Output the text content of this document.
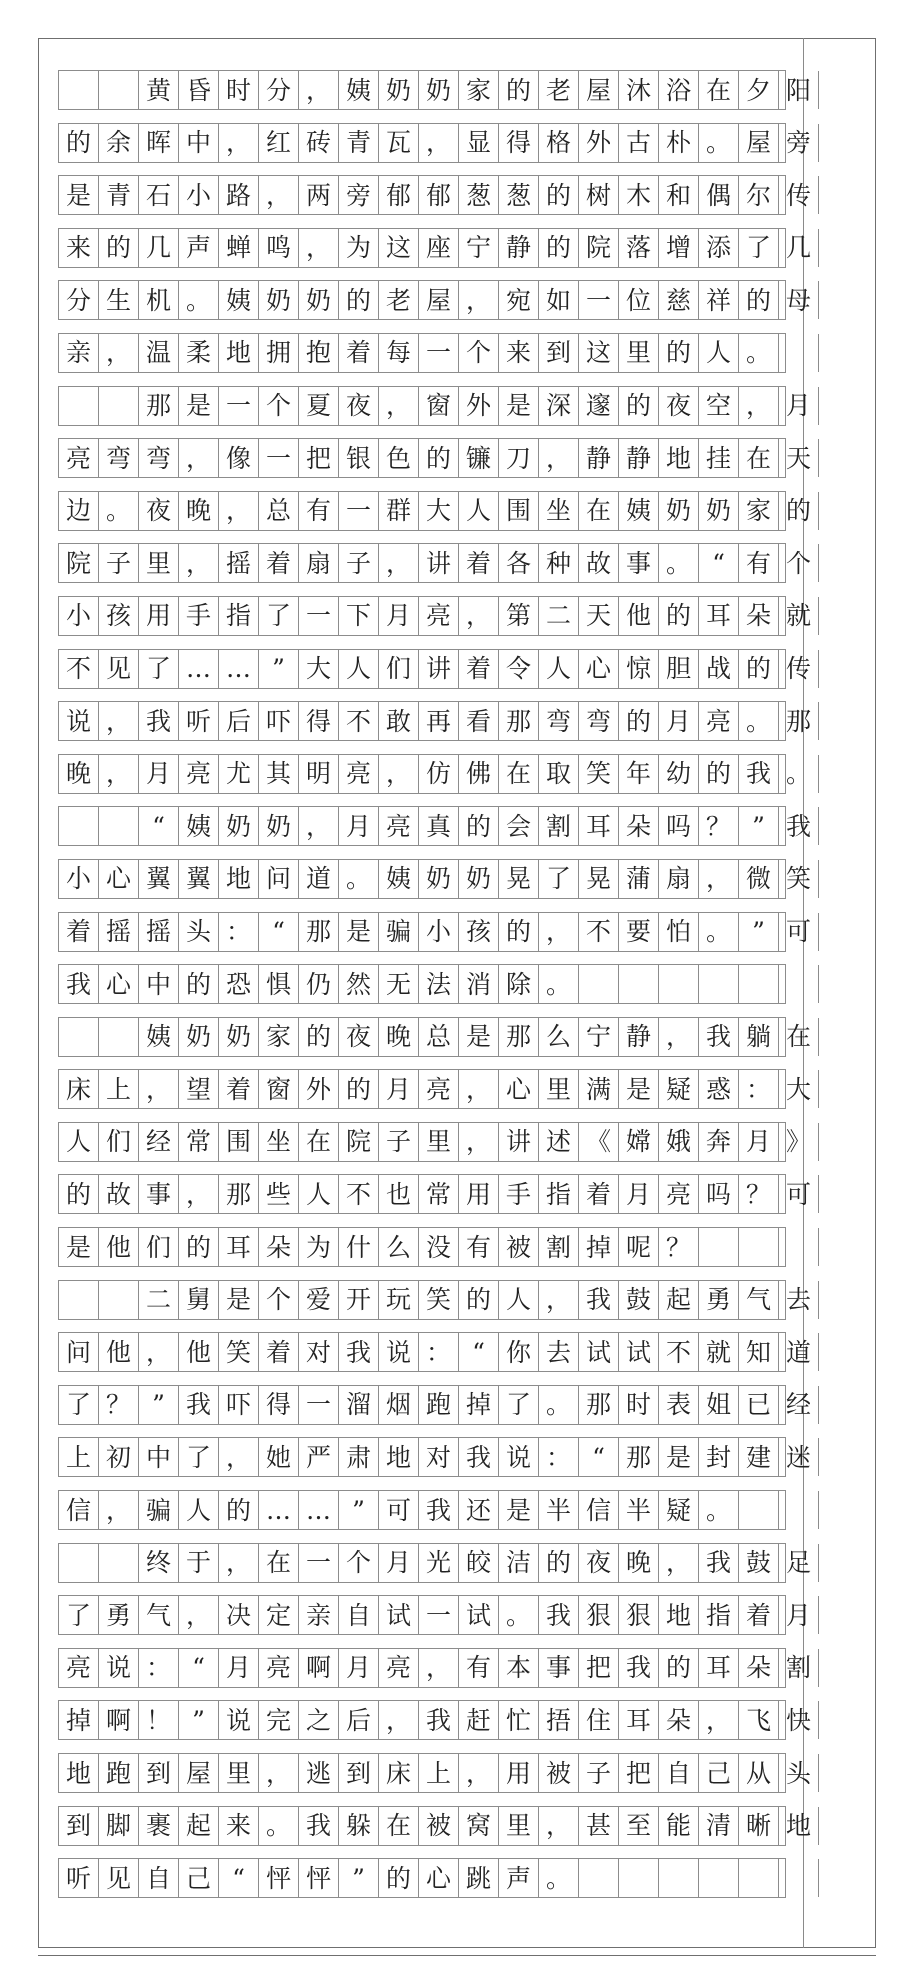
黄 昏 时 分 ， 姨 奶 奶 家 的 老 屋 沐 浴 在 夕 阳
的 余 晖 中 ， 红 砖 青 瓦 ， 显 得 格 外 古 朴 。 屋 旁
是 青 石 小 路 ， 两 旁 郁 郁 葱 葱 的 树 木 和 偶 尔 传
来 的 几 声 蝉 鸣 ， 为 这 座 宁 静 的 院 落 增 添 了 几
分 生 机 。 姨 奶 奶 的 老 屋 ， 宛 如 一 位 慈 祥 的 母
亲 ， 温 柔 地 拥 抱 着 每 一 个 来 到 这 里 的 人 。
那 是 一 个 夏 夜 ， 窗 外 是 深 邃 的 夜 空 ， 月
亮 弯 弯 ， 像 一 把 银 色 的 镰 刀 ， 静 静 地 挂 在 天
边 。 夜 晚 ， 总 有 一 群 大 人 围 坐 在 姨 奶 奶 家 的
院 子 里 ， 摇 着 扇 子 ， 讲 着 各 种 故 事 。 “ 有 个
小 孩 用 手 指 了 一 下 月 亮 ， 第 二 天 他 的 耳 朵 就
不 见 了 … … ” 大 人 们 讲 着 令 人 心 惊 胆 战 的 传
说 ， 我 听 后 吓 得 不 敢 再 看 那 弯 弯 的 月 亮 。 那
晚 ， 月 亮 尤 其 明 亮 ， 仿 佛 在 取 笑 年 幼 的 我 。
“ 姨 奶 奶 ， 月 亮 真 的 会 割 耳 朵 吗 ？ ” 我
小 心 翼 翼 地 问 道 。 姨 奶 奶 晃 了 晃 蒲 扇 ， 微 笑
着 摇 摇 头 ： “ 那 是 骗 小 孩 的 ， 不 要 怕 。 ” 可
我 心 中 的 恐 惧 仍 然 无 法 消 除 。
姨 奶 奶 家 的 夜 晚 总 是 那 么 宁 静 ， 我 躺 在
床 上 ， 望 着 窗 外 的 月 亮 ， 心 里 满 是 疑 惑 ： 大
人 们 经 常 围 坐 在 院 子 里 ， 讲 述 《 嫦 娥 奔 月 》
的 故 事 ， 那 些 人 不 也 常 用 手 指 着 月 亮 吗 ？ 可
是 他 们 的 耳 朵 为 什 么 没 有 被 割 掉 呢 ？
二 舅 是 个 爱 开 玩 笑 的 人 ， 我 鼓 起 勇 气 去
问 他 ， 他 笑 着 对 我 说 ： “ 你 去 试 试 不 就 知 道
了 ？ ” 我 吓 得 一 溜 烟 跑 掉 了 。 那 时 表 姐 已 经
上 初 中 了 ， 她 严 肃 地 对 我 说 ： “ 那 是 封 建 迷
信 ， 骗 人 的 … … ” 可 我 还 是 半 信 半 疑 。
终 于 ， 在 一 个 月 光 皎 洁 的 夜 晚 ， 我 鼓 足
了 勇 气 ， 决 定 亲 自 试 一 试 。 我 狠 狠 地 指 着 月
亮 说 ： “ 月 亮 啊 月 亮 ， 有 本 事 把 我 的 耳 朵 割
掉 啊 ！ ” 说 完 之 后 ， 我 赶 忙 捂 住 耳 朵 ， 飞 快
地 跑 到 屋 里 ， 逃 到 床 上 ， 用 被 子 把 自 己 从 头
到 脚 裹 起 来 。 我 躲 在 被 窝 里 ， 甚 至 能 清 晰 地
听 见 自 己 “ 怦 怦 ” 的 心 跳 声 。
